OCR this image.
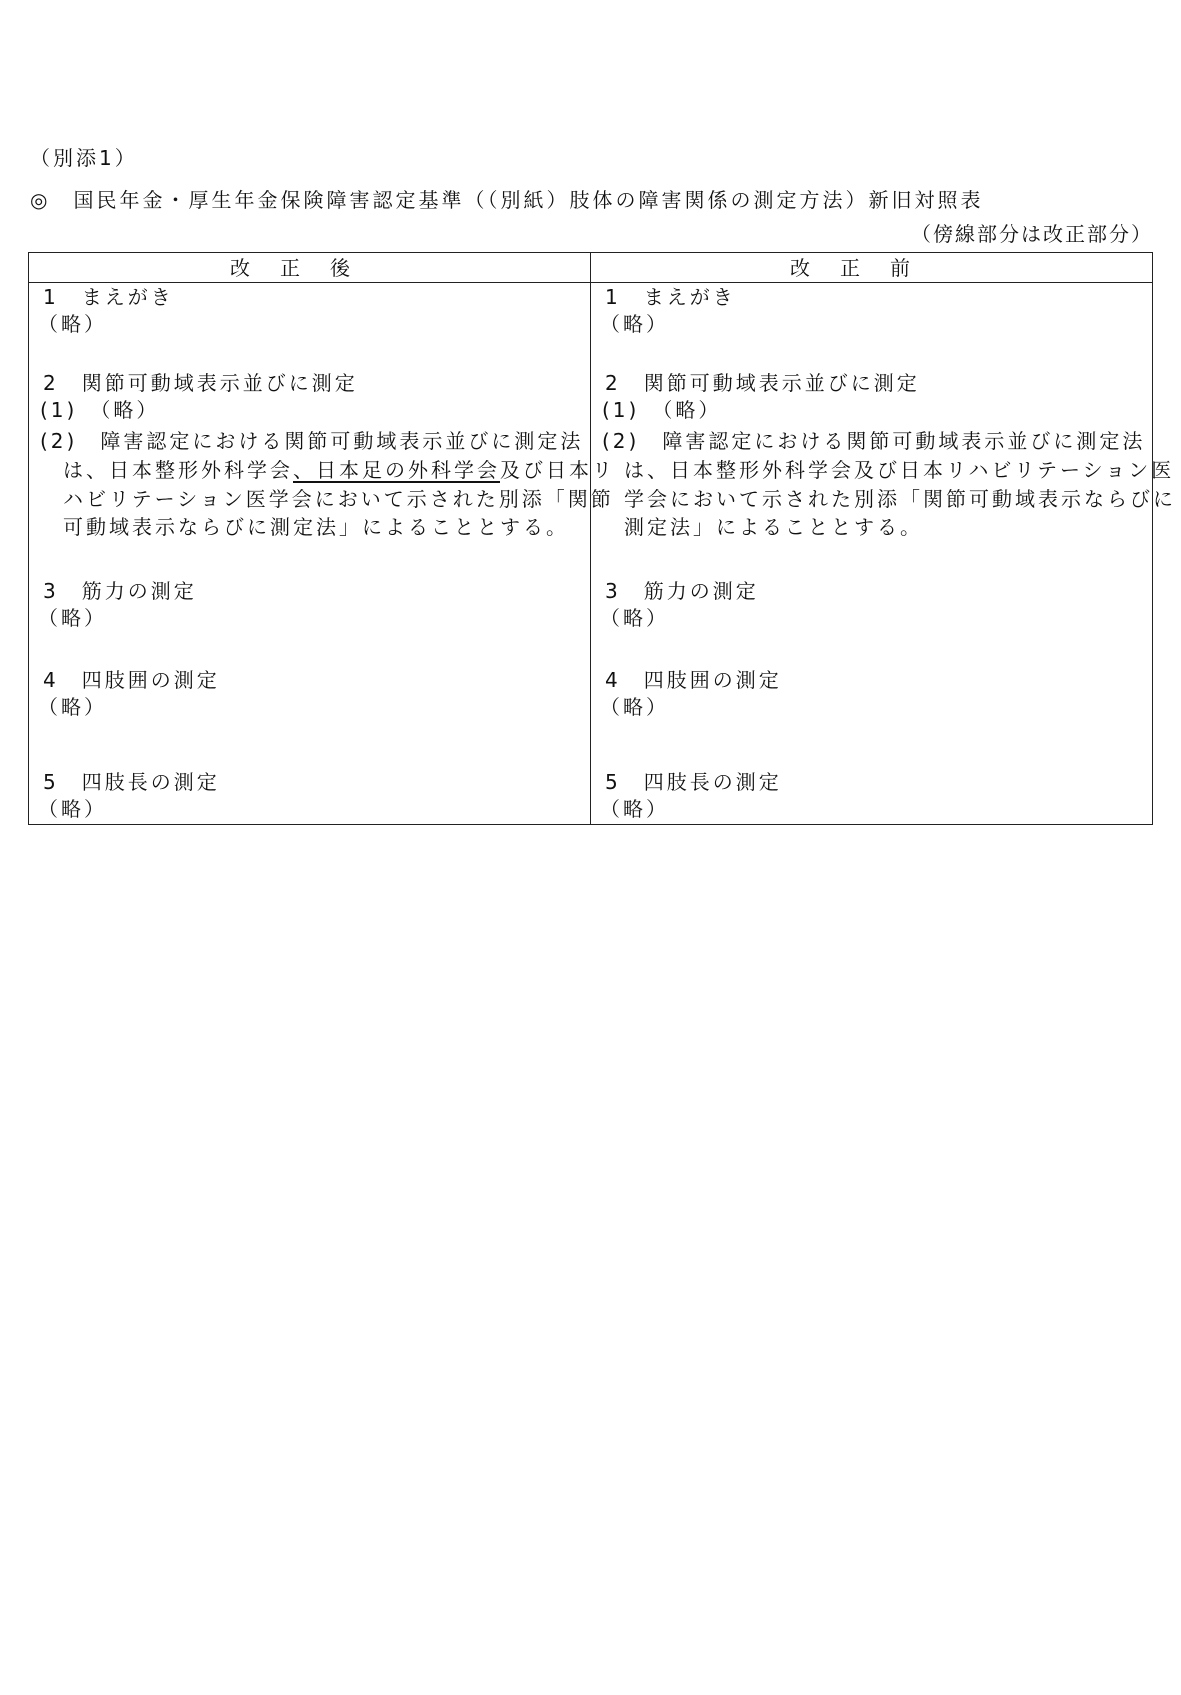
（別添1）
◎　国民年金・厚生年金保険障害認定基準（（別紙）肢体の障害関係の測定方法）新旧対照表
（傍線部分は改正部分）
改正後	改正前
1　まえがき
（略）
2　関節可動域表示並びに測定
(1)　（略）
(2)　障害認定における関節可動域表示並びに測定法
は、日本整形外科学会、日本足の外科学会及び日本リ
ハビリテーション医学会において示された別添「関節
可動域表示ならびに測定法」によることとする。
3　筋力の測定
（略）
4　四肢囲の測定
（略）
5　四肢長の測定
（略）
1　まえがき
（略）
2　関節可動域表示並びに測定
(1)　（略）
(2)　障害認定における関節可動域表示並びに測定法
は、日本整形外科学会及び日本リハビリテーション医
学会において示された別添「関節可動域表示ならびに
測定法」によることとする。
3　筋力の測定
（略）
4　四肢囲の測定
（略）
5　四肢長の測定
（略）
